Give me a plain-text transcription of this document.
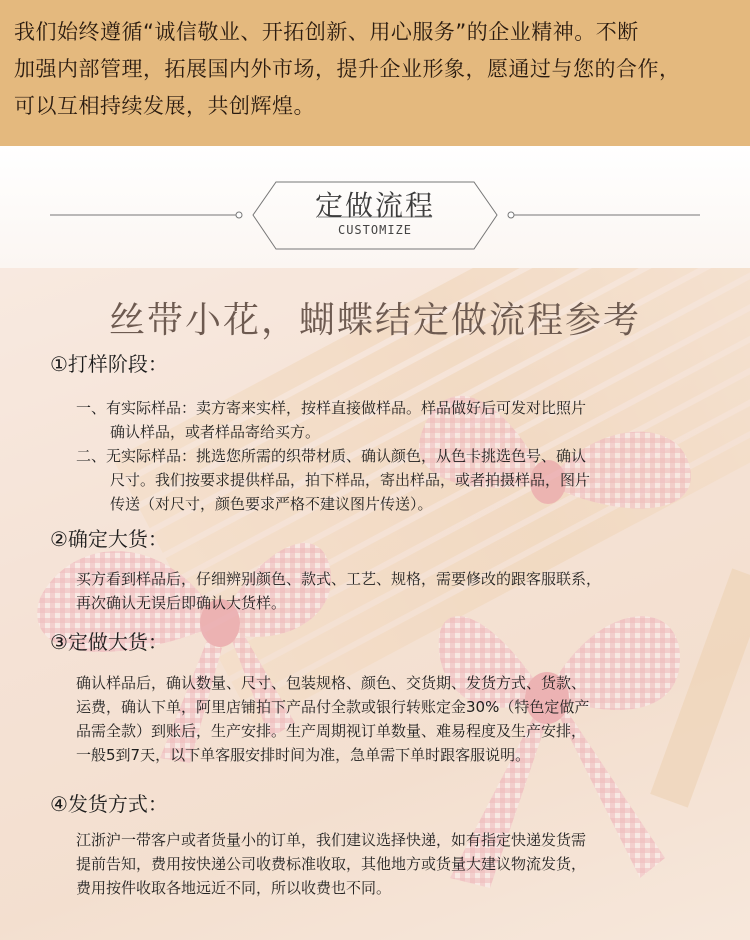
我们始终遵循“诚信敬业、开拓创新、用心服务”的企业精神。不断

加强内部管理，拓展国内外市场，提升企业形象，愿通过与您的合作，

可以互相持续发展，共创辉煌。

定做流程
CUSTOMIZE
丝带小花，蝴蝶结定做流程参考
①打样阶段：

一、有实际样品：卖方寄来实样，按样直接做样品。样品做好后可发对比照片
确认样品，或者样品寄给买方。

二、无实际样品：挑选您所需的织带材质、确认颜色，从色卡挑选色号、确认
尺寸。我们按要求提供样品，拍下样品，寄出样品，或者拍摄样品，图片
传送（对尺寸，颜色要求严格不建议图片传送）。

②确定大货：

买方看到样品后，仔细辨别颜色、款式、工艺、规格，需要修改的跟客服联系，
再次确认无误后即确认大货样。

③定做大货：

确认样品后，确认数量、尺寸、包装规格、颜色、交货期、发货方式、货款、
运费，确认下单，阿里店铺拍下产品付全款或银行转账定金30%（特色定做产
品需全款）到账后，生产安排。生产周期视订单数量、难易程度及生产安排，
一般5到7天，以下单客服安排时间为准，急单需下单时跟客服说明。

④发货方式：

江浙沪一带客户或者货量小的订单，我们建议选择快递，如有指定快递发货需
提前告知，费用按快递公司收费标准收取，其他地方或货量大建议物流发货，
费用按件收取各地远近不同，所以收费也不同。
